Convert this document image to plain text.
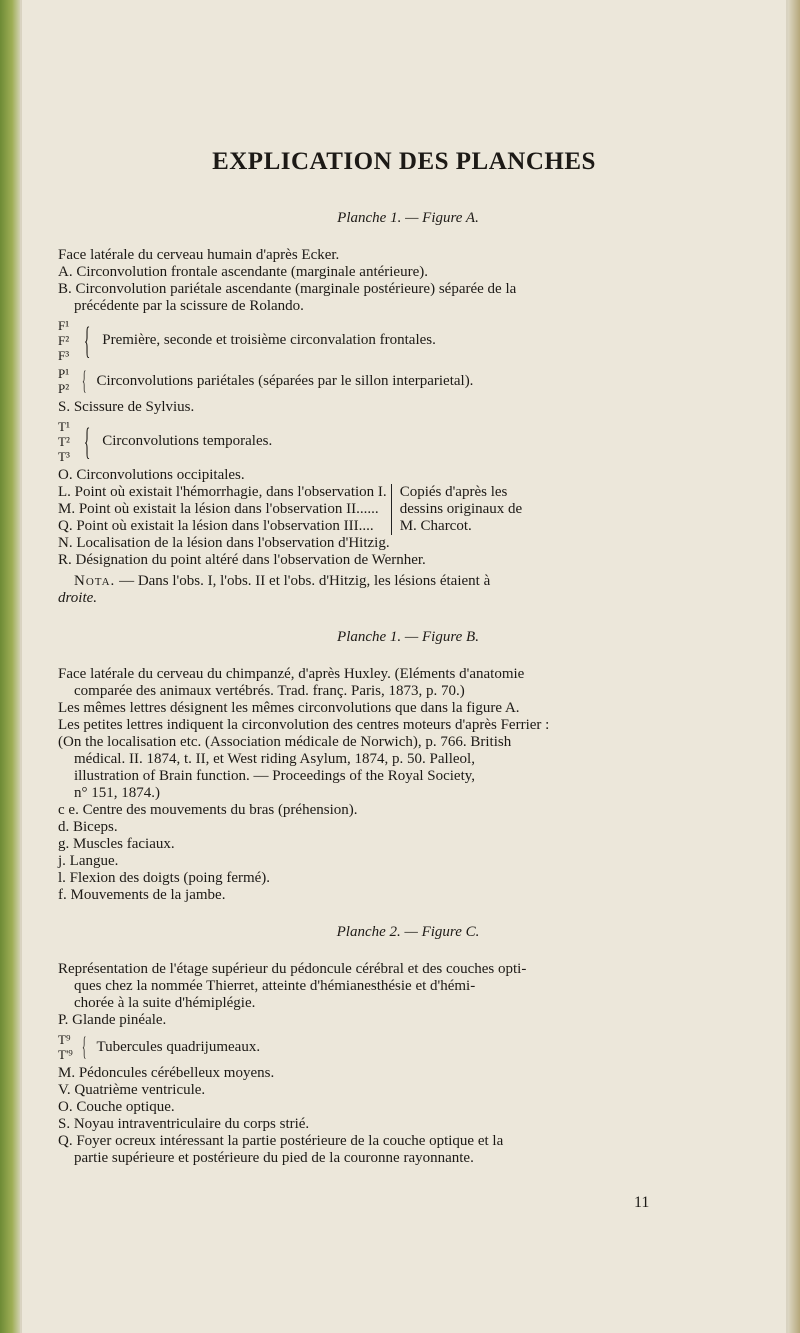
EXPLICATION DES PLANCHES

Planche 1. — Figure A.

Face latérale du cerveau humain d'après Ecker.

A. Circonvolution frontale ascendante (marginale antérieure).

B. Circonvolution pariétale ascendante (marginale postérieure) séparée de la

précédente par la scissure de Rolando.

F¹
F²
F³ { Première, seconde et troisième circonvalation frontales.
P¹
P² { Circonvolutions pariétales (séparées par le sillon interparietal).

S. Scissure de Sylvius.

T¹
T²
T³ { Circonvolutions temporales.

O. Circonvolutions occipitales.

L. Point où existait l'hémorrhagie, dans l'observation I.

M. Point où existait la lésion dans l'observation II......

Q. Point où existait la lésion dans l'observation III....

Copiés d'après les
dessins originaux de
M. Charcot.

N. Localisation de la lésion dans l'observation d'Hitzig.

R. Désignation du point altéré dans l'observation de Wernher.

Nota. — Dans l'obs. I, l'obs. II et l'obs. d'Hitzig, les lésions étaient à

droite.

Planche 1. — Figure B.

Face latérale du cerveau du chimpanzé, d'après Huxley. (Eléments d'anatomie

comparée des animaux vertébrés. Trad. franç. Paris, 1873, p. 70.)

Les mêmes lettres désignent les mêmes circonvolutions que dans la figure A.

Les petites lettres indiquent la circonvolution des centres moteurs d'après Ferrier :

(On the localisation etc. (Association médicale de Norwich), p. 766. British

médical. II. 1874, t. II, et West riding Asylum, 1874, p. 50. Palleol,

illustration of Brain function. — Proceedings of the Royal Society,

n° 151, 1874.)

c e. Centre des mouvements du bras (préhension).

d. Biceps.

g. Muscles faciaux.

j. Langue.

l. Flexion des doigts (poing fermé).

f. Mouvements de la jambe.

Planche 2. — Figure C.

Représentation de l'étage supérieur du pédoncule cérébral et des couches opti-

ques chez la nommée Thierret, atteinte d'hémianesthésie et d'hémi-

chorée à la suite d'hémiplégie.

P. Glande pinéale.

T⁹
T'⁹ { Tubercules quadrijumeaux.

M. Pédoncules cérébelleux moyens.

V. Quatrième ventricule.

O. Couche optique.

S. Noyau intraventriculaire du corps strié.

Q. Foyer ocreux intéressant la partie postérieure de la couche optique et la

partie supérieure et postérieure du pied de la couronne rayonnante.

11
